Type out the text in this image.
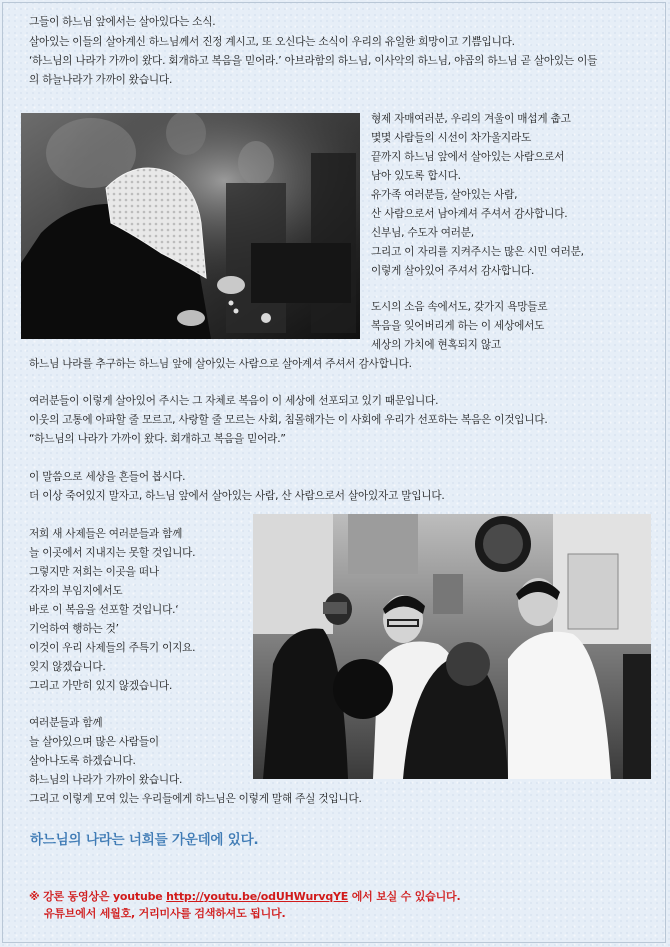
그들이 하느님 앞에서는 살아있다는 소식.
살아있는 이들의 살아계신 하느님께서 진정 계시고, 또 오신다는 소식이 우리의 유일한 희망이고 기쁨입니다.
‘하느님의 나라가 가까이 왔다. 회개하고 복음을 믿어라.’ 아브라함의 하느님, 이사악의 하느님, 야곱의 하느님 곧 살아있는 이들
의 하늘나라가 가까이 왔습니다.
형제 자매여러분, 우리의 겨울이 매섭게 춥고
몇몇 사람들의 시선이 차가울지라도
끝까지 하느님 앞에서 살아있는 사람으로서
남아 있도록 합시다.
유가족 여러분들, 살아있는 사람,
산 사람으로서 남아계셔 주셔서 감사합니다.
신부님, 수도자 여러분,
그리고 이 자리를 지켜주시는 많은 시민 여러분,
이렇게 살아있어 주셔서 감사합니다.
도시의 소음 속에서도, 갖가지 욕망들로
복음을 잊어버리게 하는 이 세상에서도
세상의 가치에 현혹되지 않고
하느님 나라를 추구하는 하느님 앞에 살아있는 사람으로 살아계셔 주셔서 감사합니다.
여러분들이 이렇게 살아있어 주시는 그 자체로 복음이 이 세상에 선포되고 있기 때문입니다.
이웃의 고통에 아파할 줄 모르고, 사랑할 줄 모르는 사회, 침몰해가는 이 사회에 우리가 선포하는 복음은 이것입니다.
“하느님의 나라가 가까이 왔다. 회개하고 복음을 믿어라.”
이 말씀으로 세상을 흔들어 봅시다.
더 이상 죽어있지 말자고, 하느님 앞에서 살아있는 사람, 산 사람으로서 살아있자고 말입니다.
저희 새 사제들은 여러분들과 함께
늘 이곳에서 지내지는 못할 것입니다.
그렇지만 저희는 이곳을 떠나
각자의 부임지에서도
바로 이 복음을 선포할 것입니다.‘
기억하여 행하는 것’
이것이 우리 사제들의 주특기 이지요.
잊지 않겠습니다.
그리고 가만히 있지 않겠습니다.
여러분들과 함께
늘 살아있으며 많은 사람들이
살아나도록 하겠습니다.
하느님의 나라가 가까이 왔습니다.
그리고 이렇게 모여 있는 우리들에게 하느님은 이렇게 말해 주실 것입니다.
하느님의 나라는 너희들 가운데에 있다.
※ 강론 동영상은 youtube http://youtu.be/odUHWurvqYE 에서 보실 수 있습니다.
유튜브에서 세월호, 거리미사를 검색하셔도 됩니다.
